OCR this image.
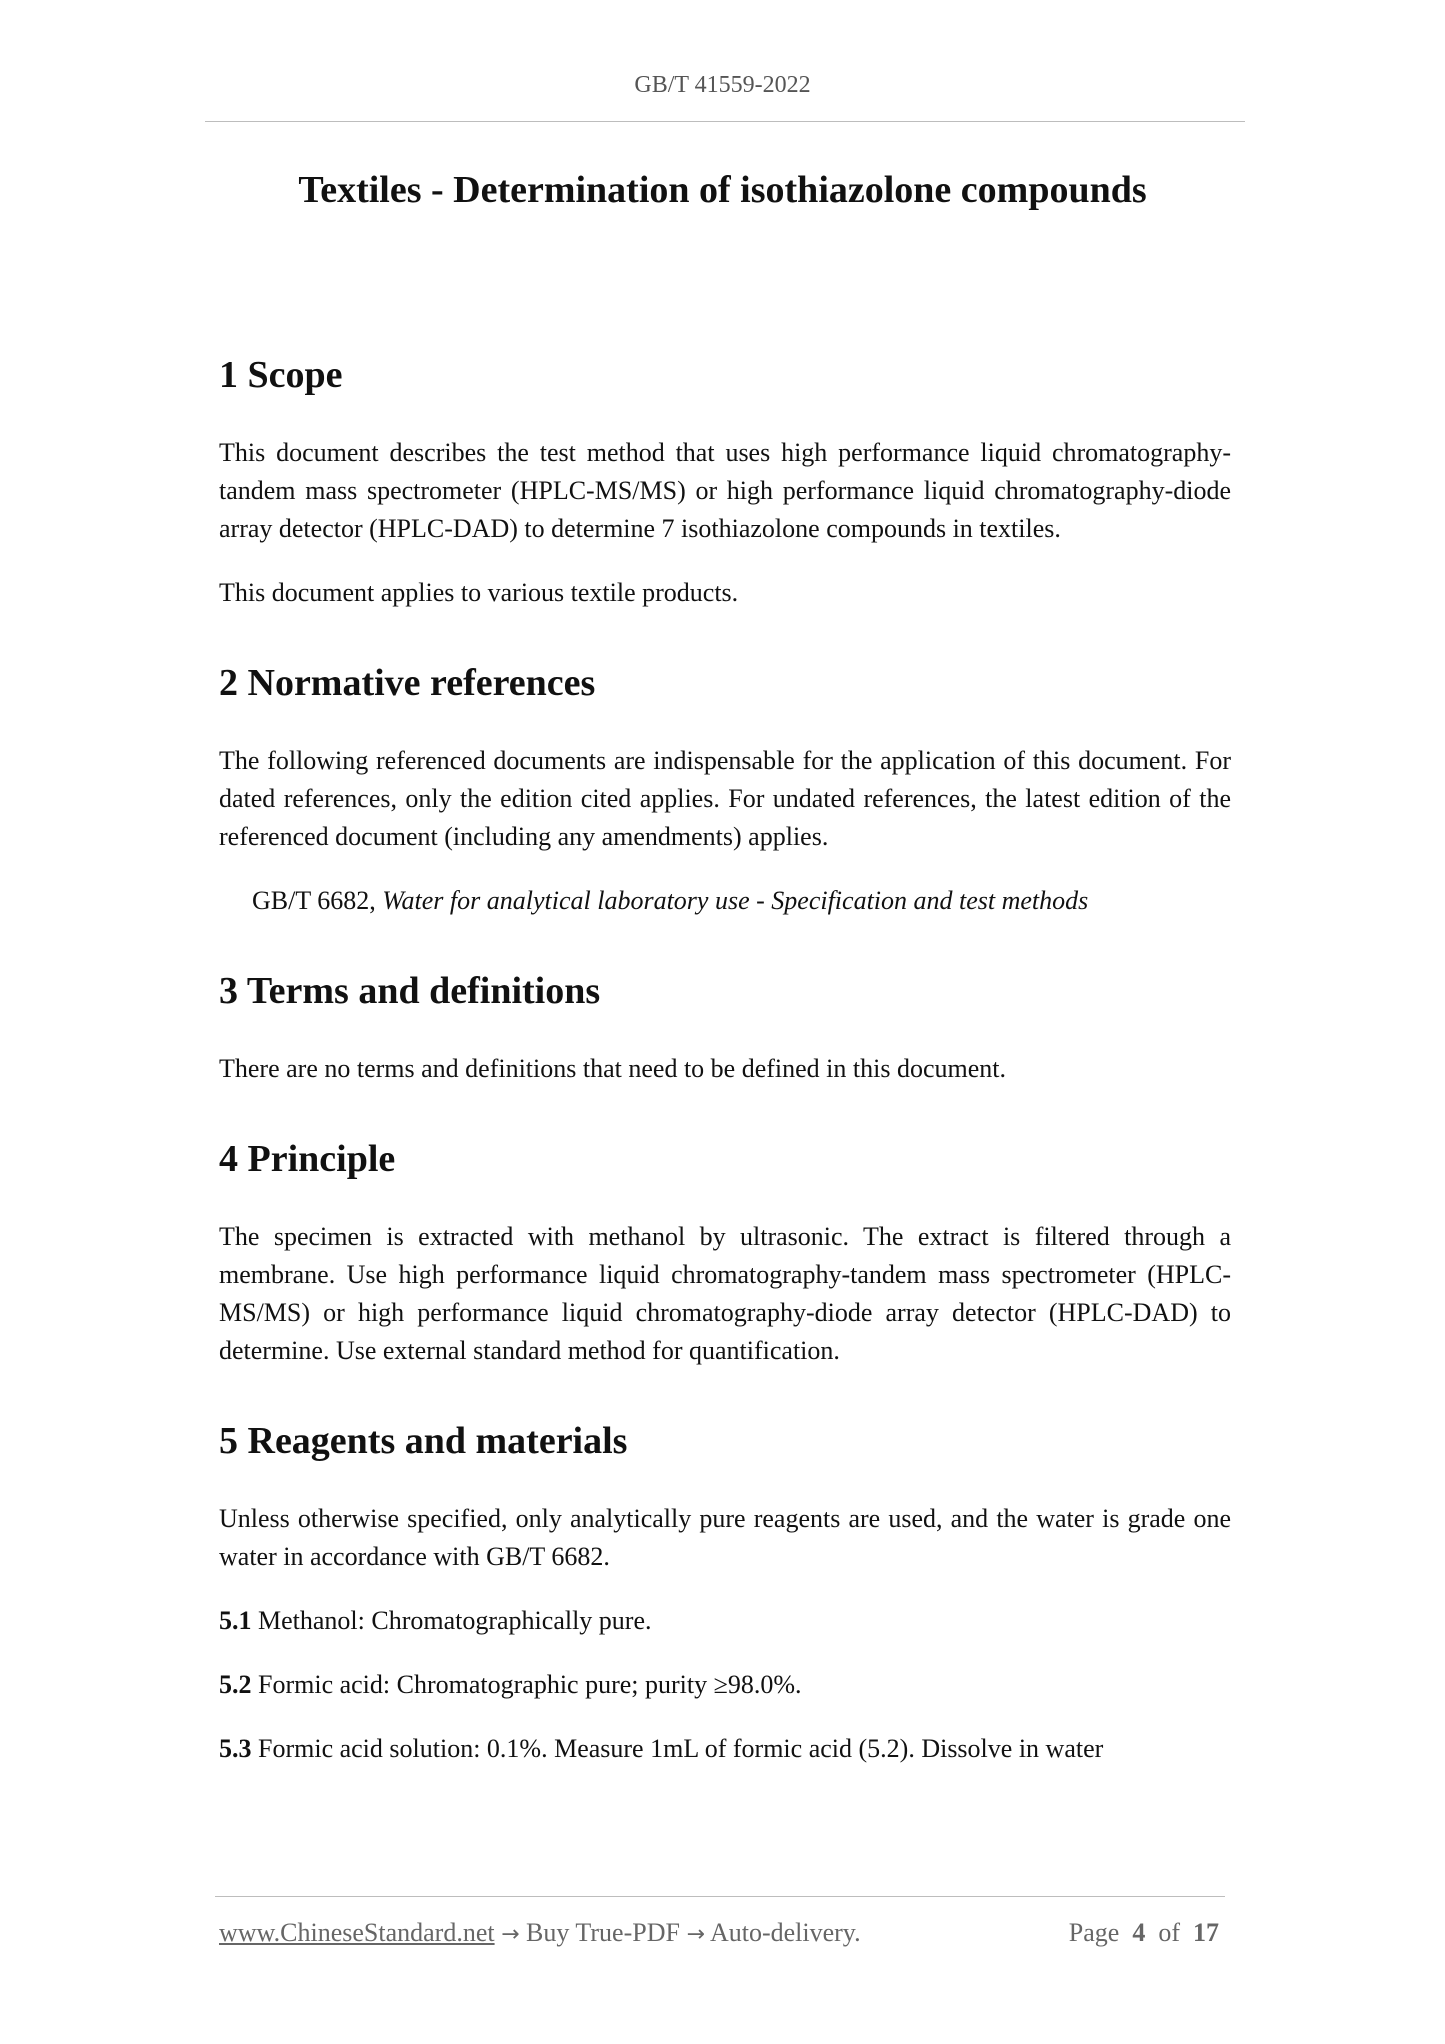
GB/T 41559-2022
Textiles - Determination of isothiazolone compounds
1 Scope

This document describes the test method that uses high performance liquid chromatography-tandem mass spectrometer (HPLC-MS/MS) or high performance liquid chromatography-diode array detector (HPLC-DAD) to determine 7 isothiazolone compounds in textiles.

This document applies to various textile products.

2 Normative references

The following referenced documents are indispensable for the application of this document. For dated references, only the edition cited applies. For undated references, the latest edition of the referenced document (including any amendments) applies.

GB/T 6682, Water for analytical laboratory use - Specification and test methods

3 Terms and definitions

There are no terms and definitions that need to be defined in this document.

4 Principle

The specimen is extracted with methanol by ultrasonic. The extract is filtered through a membrane. Use high performance liquid chromatography-tandem mass spectrometer (HPLC-MS/MS) or high performance liquid chromatography-diode array detector (HPLC-DAD) to determine. Use external standard method for quantification.

5 Reagents and materials

Unless otherwise specified, only analytically pure reagents are used, and the water is grade one water in accordance with GB/T 6682.

5.1 Methanol: Chromatographically pure.

5.2 Formic acid: Chromatographic pure; purity ≥98.0%.

5.3 Formic acid solution: 0.1%. Measure 1mL of formic acid (5.2). Dissolve in water

www.ChineseStandard.net → Buy True-PDF → Auto-delivery.	Page 4 of 17
